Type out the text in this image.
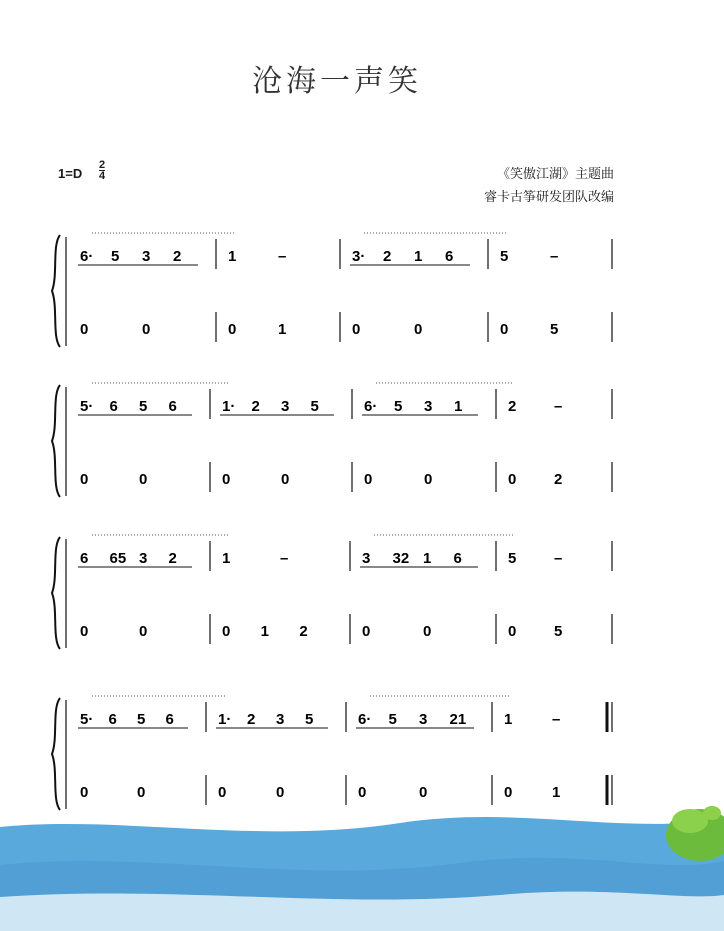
沧海一声笑
1=D
2
4	《笑傲江湖》主题曲
睿卡古筝研发团队改编
6· 5 3 2	1	–	3· 2 1 6	5	–
0	0	0	1	0	0	0	5
5· 6 5 6	1· 2 3 5	6· 5 3 1	2	–
0	0	0	0	0	0	0	2
6 65 3 2	1	–	3 32 1 6	5	–
0	0	0 1 2	0	0	0	5
5· 6 5 6	1· 2 3 5	6· 5 3 21	1	–
0	0	0	0	0	0	0	1
